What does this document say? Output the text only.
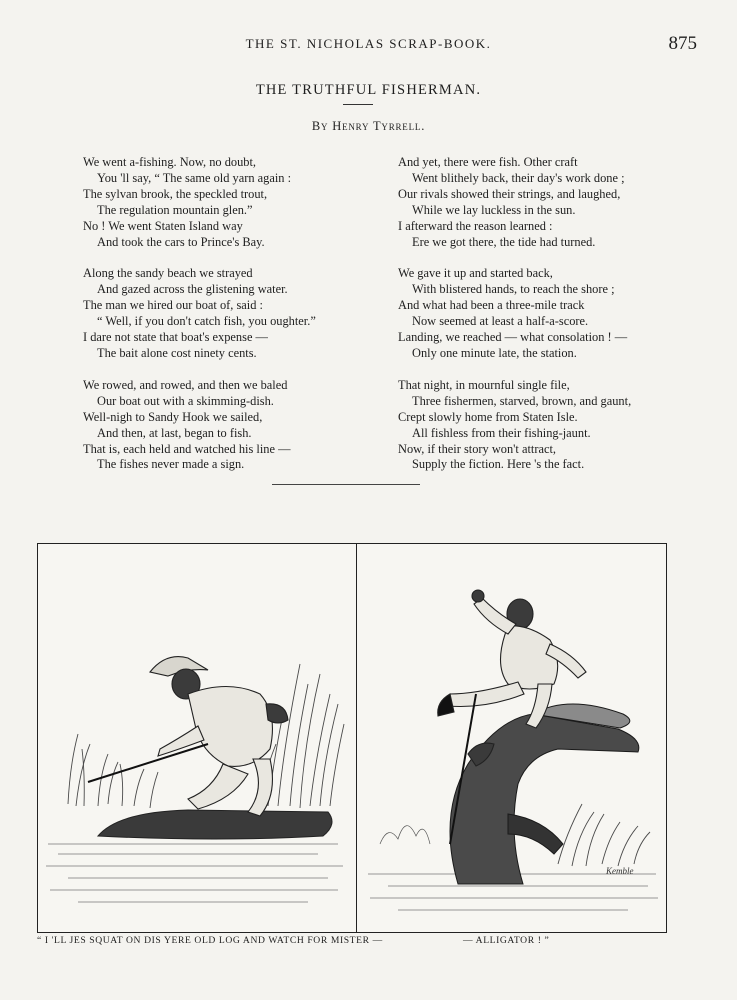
THE ST. NICHOLAS SCRAP-BOOK.	875
THE TRUTHFUL FISHERMAN.
By Henry Tyrrell.
We went a-fishing. Now, no doubt,
You 'll say, “ The same old yarn again :
The sylvan brook, the speckled trout,
The regulation mountain glen.”
No ! We went Staten Island way
And took the cars to Prince's Bay.
Along the sandy beach we strayed
And gazed across the glistening water.
The man we hired our boat of, said :
“ Well, if you don't catch fish, you oughter.”
I dare not state that boat's expense —
The bait alone cost ninety cents.
We rowed, and rowed, and then we baled
Our boat out with a skimming-dish.
Well-nigh to Sandy Hook we sailed,
And then, at last, began to fish.
That is, each held and watched his line —
The fishes never made a sign.
And yet, there were fish. Other craft
Went blithely back, their day's work done ;
Our rivals showed their strings, and laughed,
While we lay luckless in the sun.
I afterward the reason learned :
Ere we got there, the tide had turned.
We gave it up and started back,
With blistered hands, to reach the shore ;
And what had been a three-mile track
Now seemed at least a half-a-score.
Landing, we reached — what consolation ! —
Only one minute late, the station.
That night, in mournful single file,
Three fishermen, starved, brown, and gaunt,
Crept slowly home from Staten Isle.
All fishless from their fishing-jaunt.
Now, if their story won't attract,
Supply the fiction. Here 's the fact.
Kemble
“ I 'LL JES SQUAT ON DIS YERE OLD LOG AND WATCH FOR MISTER —	— ALLIGATOR ! ”
